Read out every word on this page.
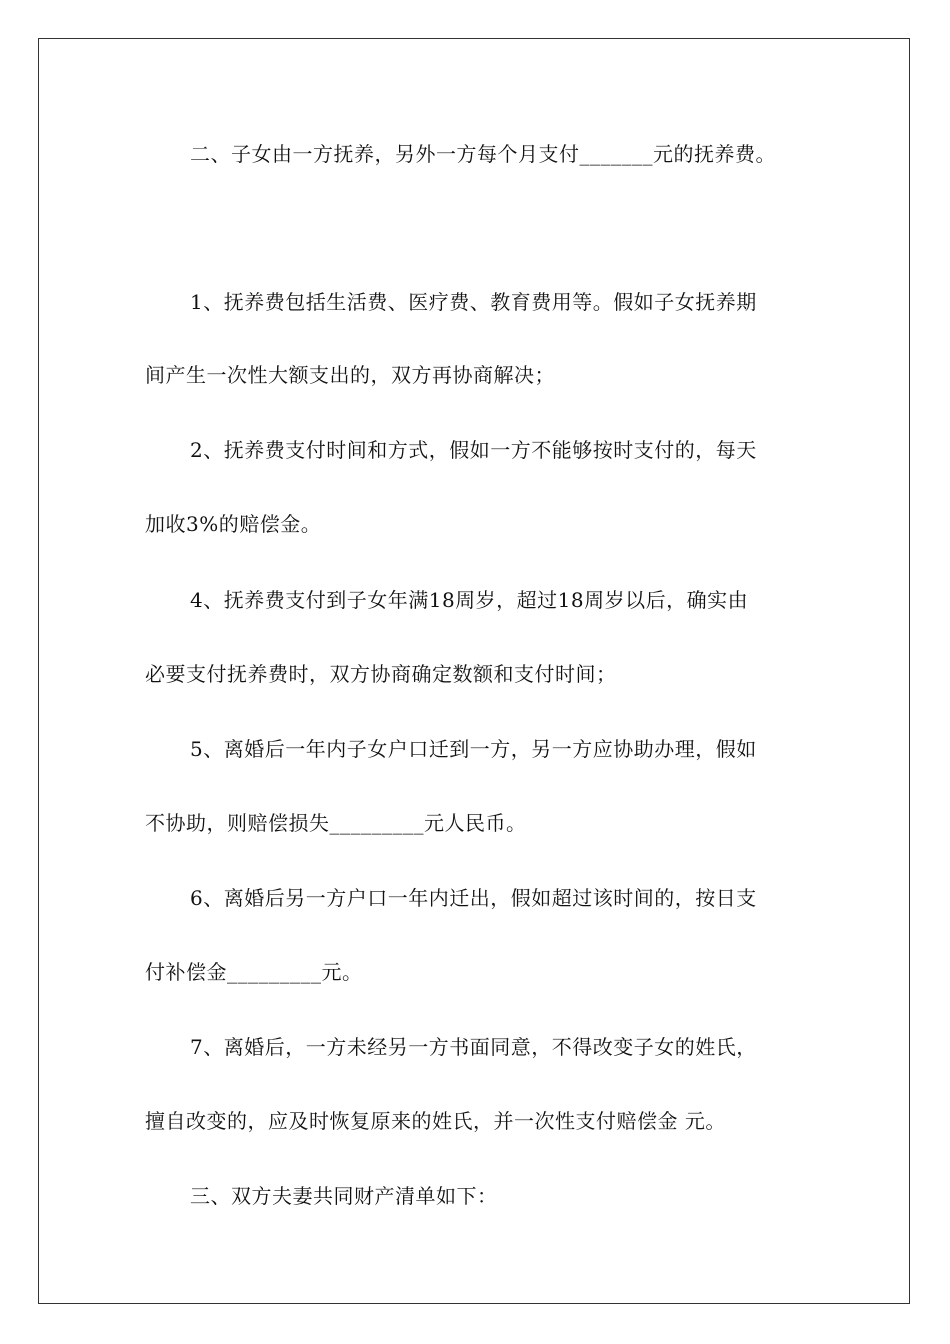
二、子女由一方抚养，另外一方每个月支付_______元的抚养费。
1、抚养费包括生活费、医疗费、教育费用等。假如子女抚养期
间产生一次性大额支出的，双方再协商解决；
2、抚养费支付时间和方式，假如一方不能够按时支付的，每天
加收3%的赔偿金。
4、抚养费支付到子女年满18周岁，超过18周岁以后，确实由
必要支付抚养费时，双方协商确定数额和支付时间；
5、离婚后一年内子女户口迁到一方，另一方应协助办理，假如
不协助，则赔偿损失_________元人民币。
6、离婚后另一方户口一年内迁出，假如超过该时间的，按日支
付补偿金_________元。
7、离婚后，一方未经另一方书面同意，不得改变子女的姓氏，
擅自改变的，应及时恢复原来的姓氏，并一次性支付赔偿金 元。
三、双方夫妻共同财产清单如下：
